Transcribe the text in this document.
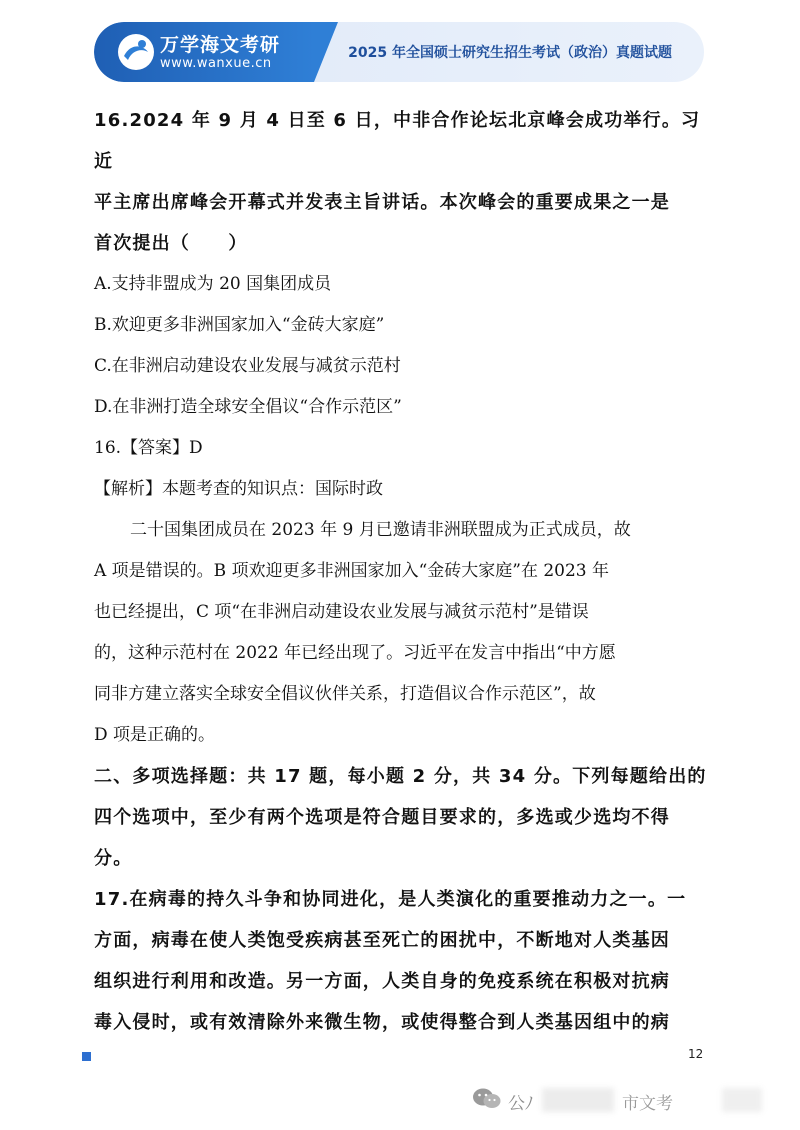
万学海文考研
www.wanxue.cn
2025 年全国硕士研究生招生考试（政治）真题试题

16.2024 年 9 月 4 日至 6 日，中非合作论坛北京峰会成功举行。习近

平主席出席峰会开幕式并发表主旨讲话。本次峰会的重要成果之一是

首次提出（　　）

A.支持非盟成为 20 国集团成员

B.欢迎更多非洲国家加入“金砖大家庭”

C.在非洲启动建设农业发展与减贫示范村

D.在非洲打造全球安全倡议“合作示范区”

16.【答案】D

【解析】本题考查的知识点：国际时政

二十国集团成员在 2023 年 9 月已邀请非洲联盟成为正式成员，故

A 项是错误的。B 项欢迎更多非洲国家加入“金砖大家庭”在 2023 年

也已经提出，C 项“在非洲启动建设农业发展与减贫示范村”是错误

的，这种示范村在 2022 年已经出现了。习近平在发言中指出“中方愿

同非方建立落实全球安全倡议伙伴关系，打造倡议合作示范区”，故

D 项是正确的。

二、多项选择题：共 17 题，每小题 2 分，共 34 分。下列每题给出的

四个选项中，至少有两个选项是符合题目要求的，多选或少选均不得

分。

17.在病毒的持久斗争和协同进化，是人类演化的重要推动力之一。一

方面，病毒在使人类饱受疾病甚至死亡的困扰中，不断地对人类基因

组织进行利用和改造。另一方面，人类自身的免疫系统在积极对抗病

毒入侵时，或有效清除外来微生物，或使得整合到人类基因组中的病

12
公ﾉ	市文考
